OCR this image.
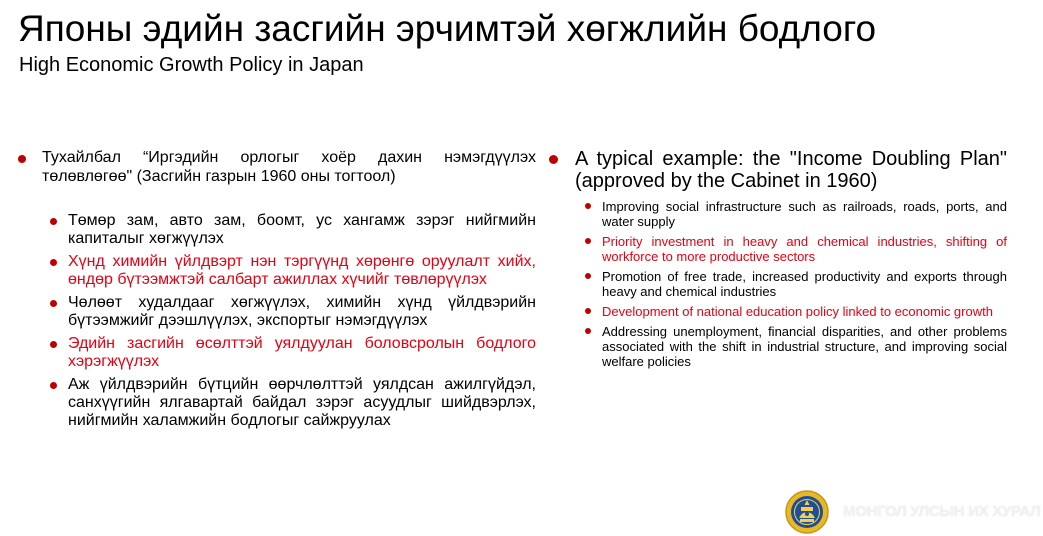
Японы эдийн засгийн эрчимтэй хөгжлийн бодлого
High Economic Growth Policy in Japan
Тухайлбал “Иргэдийн орлогыг хоёр дахин нэмэгдүүлэх төлөвлөгөө" (Засгийн газрын 1960 оны тогтоол)
Төмөр зам, авто зам, боомт, ус хангамж зэрэг нийгмийн капиталыг хөгжүүлэх
Хүнд химийн үйлдвэрт нэн тэргүүнд хөрөнгө оруулалт хийх, өндөр бүтээмжтэй салбарт ажиллах хүчийг төвлөрүүлэх
Чөлөөт худалдааг хөгжүүлэх, химийн хүнд үйлдвэрийн бүтээмжийг дээшлүүлэх, экспортыг нэмэгдүүлэх
Эдийн засгийн өсөлттэй уялдуулан боловсролын бодлого хэрэгжүүлэх
Аж үйлдвэрийн бүтцийн өөрчлөлттэй уялдсан ажилгүйдэл, санхүүгийн ялгавартай байдал зэрэг асуудлыг шийдвэрлэх, нийгмийн халамжийн бодлогыг сайжруулах
A typical example: the "Income Doubling Plan" (approved by the Cabinet in 1960)
Improving social infrastructure such as railroads, roads, ports, and water supply
Priority investment in heavy and chemical industries, shifting of workforce to more productive sectors
Promotion of free trade, increased productivity and exports through heavy and chemical industries
Development of national education policy linked to economic growth
Addressing unemployment, financial disparities, and other problems associated with the shift in industrial structure, and improving social welfare policies
МОНГОЛ УЛСЫН ИХ ХУРАЛ
